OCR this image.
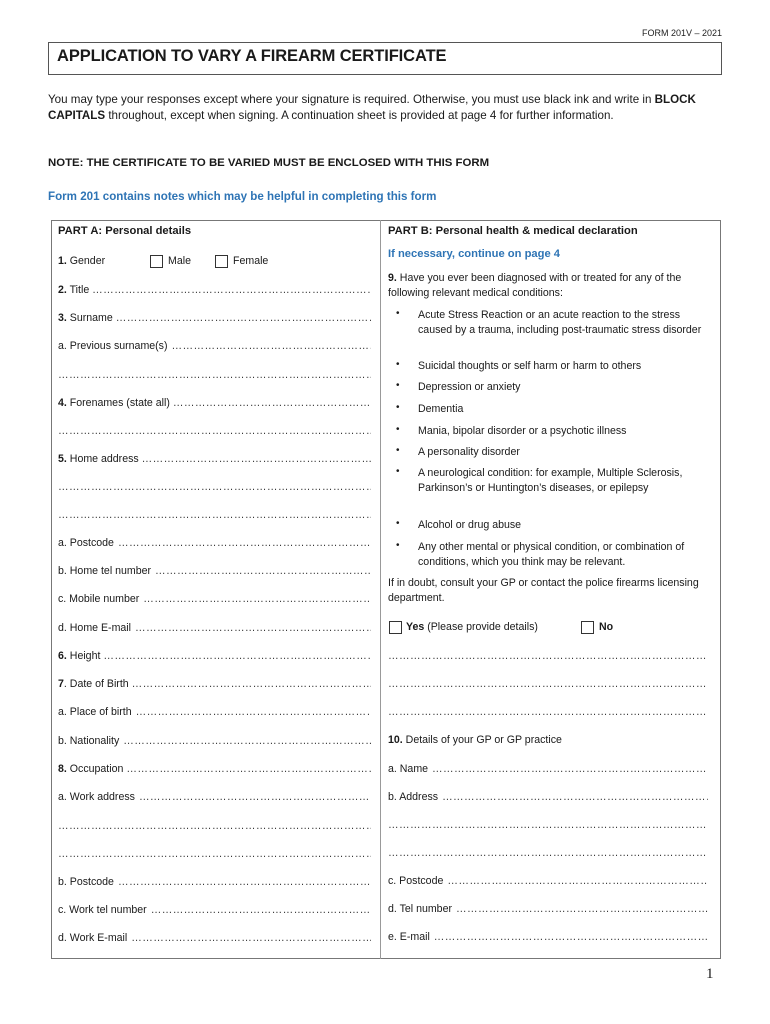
FORM 201V – 2021
APPLICATION TO VARY A FIREARM CERTIFICATE
You may type your responses except where your signature is required. Otherwise, you must use black ink and write in BLOCK CAPITALS throughout, except when signing. A continuation sheet is provided at page 4 for further information.
NOTE: THE CERTIFICATE TO BE VARIED MUST BE ENCLOSED WITH THIS FORM
Form 201 contains notes which may be helpful in completing this form
PART A: Personal details
1. Gender	Male	Female
2. Title
……………………………………………………………………………………………………………………………………………………………………………………
3. Surname
……………………………………………………………………………………………………………………………………………………………………………………
a. Previous surname(s)
……………………………………………………………………………………………………………………………………………………………………………………
……………………………………………………………………………………………………………………………………………………………………………………
4. Forenames (state all)
……………………………………………………………………………………………………………………………………………………………………………………
……………………………………………………………………………………………………………………………………………………………………………………
5. Home address
……………………………………………………………………………………………………………………………………………………………………………………
……………………………………………………………………………………………………………………………………………………………………………………
……………………………………………………………………………………………………………………………………………………………………………………
a. Postcode
……………………………………………………………………………………………………………………………………………………………………………………
b. Home tel number
……………………………………………………………………………………………………………………………………………………………………………………
c. Mobile number
……………………………………………………………………………………………………………………………………………………………………………………
d. Home E-mail
……………………………………………………………………………………………………………………………………………………………………………………
6. Height
……………………………………………………………………………………………………………………………………………………………………………………
7. Date of Birth
……………………………………………………………………………………………………………………………………………………………………………………
a. Place of birth
……………………………………………………………………………………………………………………………………………………………………………………
b. Nationality
……………………………………………………………………………………………………………………………………………………………………………………
8. Occupation
……………………………………………………………………………………………………………………………………………………………………………………
a. Work address
……………………………………………………………………………………………………………………………………………………………………………………
……………………………………………………………………………………………………………………………………………………………………………………
……………………………………………………………………………………………………………………………………………………………………………………
b. Postcode
……………………………………………………………………………………………………………………………………………………………………………………
c. Work tel number
……………………………………………………………………………………………………………………………………………………………………………………
d. Work E-mail
……………………………………………………………………………………………………………………………………………………………………………………
PART B: Personal health & medical declaration
If necessary, continue on page 4
9. Have you ever been diagnosed with or treated for any of the following relevant medical conditions:
• Acute Stress Reaction or an acute reaction to the stress caused by a trauma, including post-traumatic stress disorder
• Suicidal thoughts or self harm or harm to others
• Depression or anxiety
• Dementia
• Mania, bipolar disorder or a psychotic illness
• A personality disorder
• A neurological condition: for example, Multiple Sclerosis, Parkinson’s or Huntington’s diseases, or epilepsy
• Alcohol or drug abuse
• Any other mental or physical condition, or combination of conditions, which you think may be relevant.
If in doubt, consult your GP or contact the police firearms licensing department.
Yes (Please provide details)	No
……………………………………………………………………………………………………………………………………………………………………………………
……………………………………………………………………………………………………………………………………………………………………………………
……………………………………………………………………………………………………………………………………………………………………………………
10. Details of your GP or GP practice
a. Name
……………………………………………………………………………………………………………………………………………………………………………………
b. Address
……………………………………………………………………………………………………………………………………………………………………………………
……………………………………………………………………………………………………………………………………………………………………………………
……………………………………………………………………………………………………………………………………………………………………………………
c. Postcode
……………………………………………………………………………………………………………………………………………………………………………………
d. Tel number
……………………………………………………………………………………………………………………………………………………………………………………
e. E-mail
……………………………………………………………………………………………………………………………………………………………………………………
1
